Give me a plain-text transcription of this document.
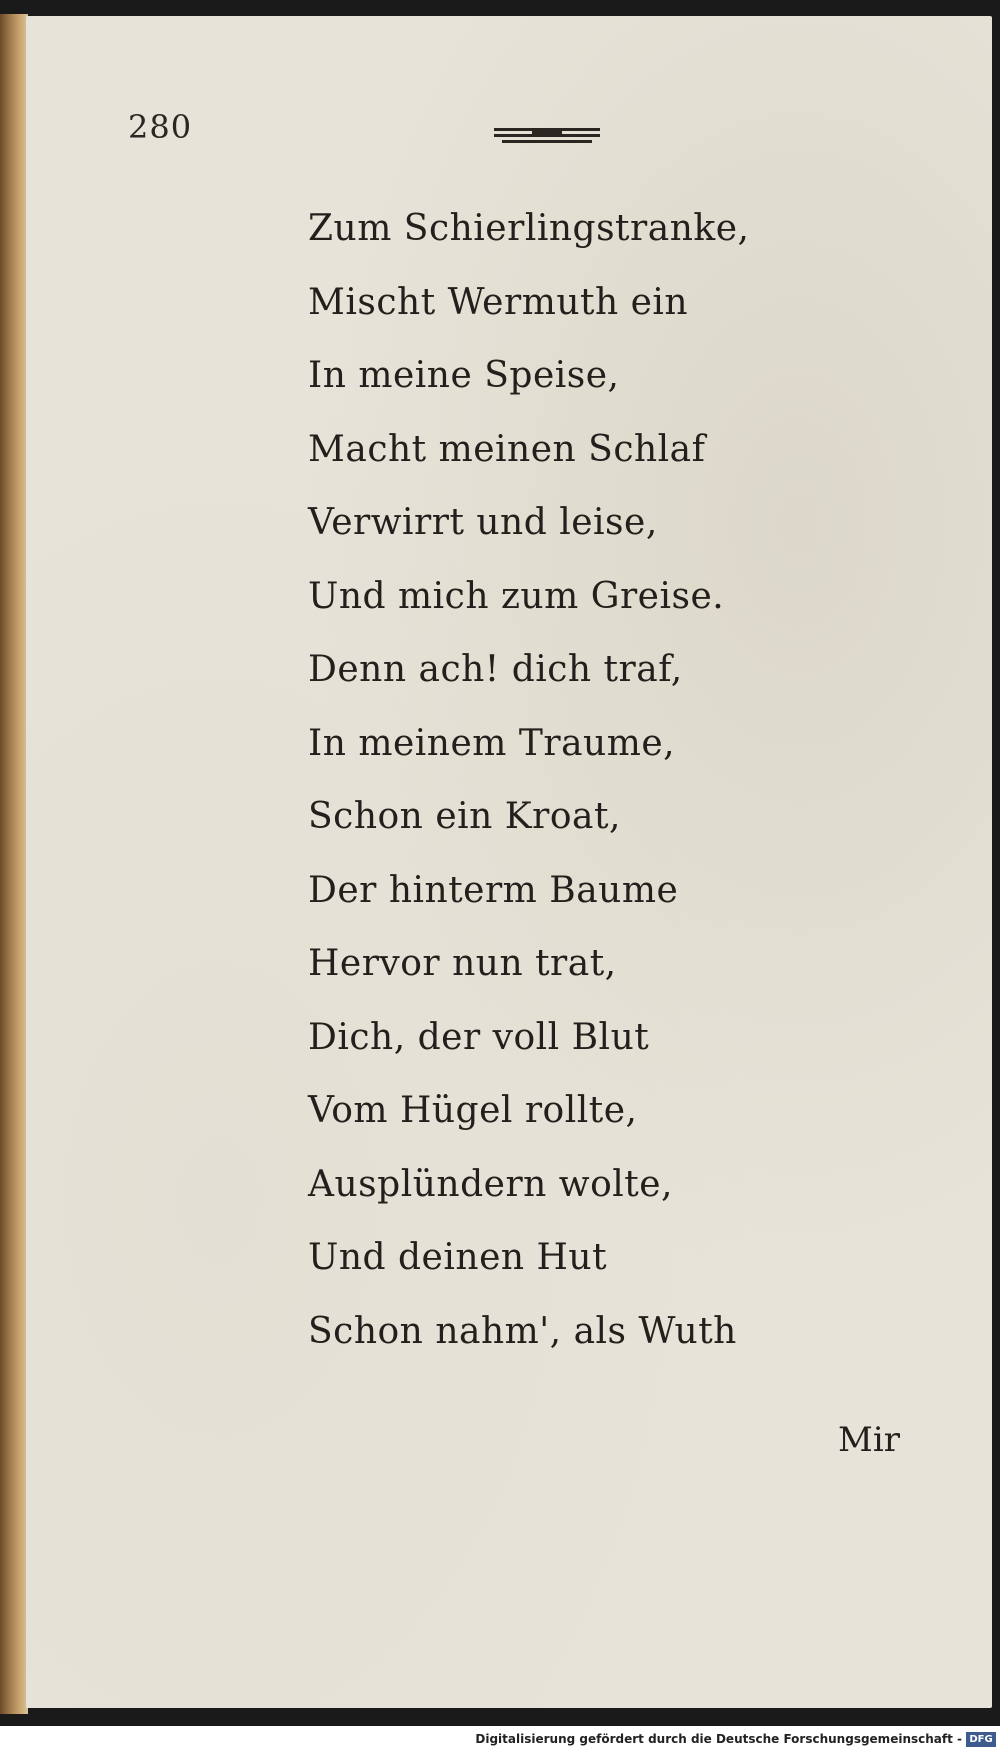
280
Zum Schierlingstranke,
Mischt Wermuth ein
In meine Speise,
Macht meinen Schlaf
Verwirrt und leise,
Und mich zum Greise.
Denn ach! dich traf,
In meinem Traume,
Schon ein Kroat,
Der hinterm Baume
Hervor nun trat,
Dich, der voll Blut
Vom Hügel rollte,
Ausplündern wolte,
Und deinen Hut
Schon nahm', als Wuth
Mir
Digitalisierung gefördert durch die Deutsche Forschungsgemeinschaft - DFG
